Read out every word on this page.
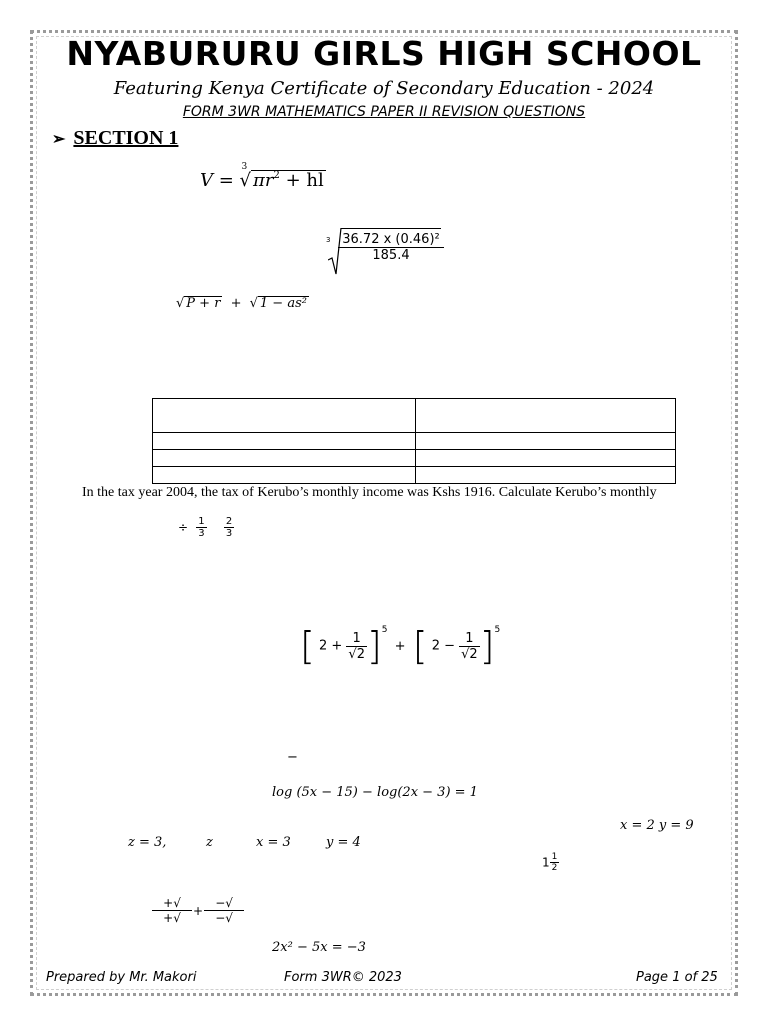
NYABURURU GIRLS HIGH SCHOOL
Featuring Kenya Certificate of Secondary Education - 2024
FORM 3WR MATHEMATICS PAPER II REVISION QUESTIONS
➢ SECTION 1
V =
3
√ $\pi r^2$ + hl
$3 \frac{\text{36.72 x (0.46)²}}{185.4}$
√ P + r + √ 1 − as²

In the tax year 2004, the tax of Kerubo’s monthly income was Kshs 1916. Calculate Kerubo’s monthly
÷ $\frac{1}{3}$
$\frac{2}{3}$
[ $2 + \frac{1}{√2} ]^5$ + [ $2 - \frac{1}{√2} ]^5$
−
log (5x − 15) − log(2x − 3) = 1
x = 2 y = 9
z = 3,	z	x = 3	y = 4
$1 \frac{1}{2}$
$\frac{+√}{+√} + \frac{-√}{-√}$
2x² − 5x = −3
Prepared by Mr. Makori	Form 3WR© 2023	Page 1 of 25
